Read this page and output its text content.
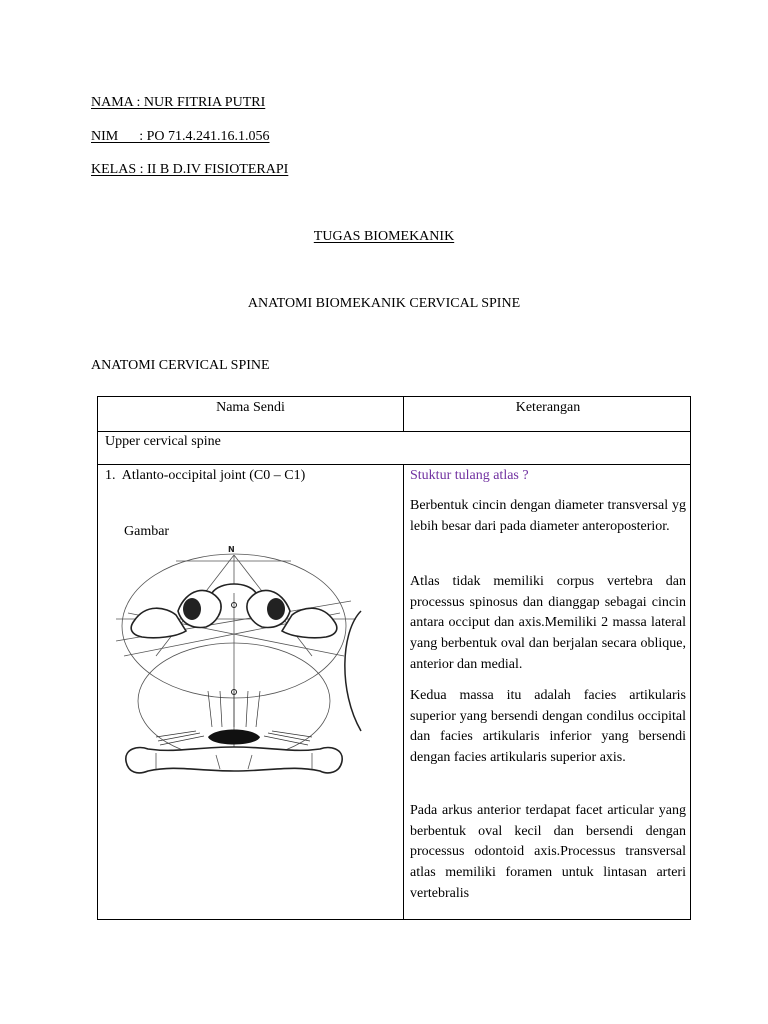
NAMA : NUR FITRIA PUTRI
NIM      : PO 71.4.241.16.1.056
KELAS : II B D.IV FISIOTERAPI
TUGAS BIOMEKANIK
ANATOMI BIOMEKANIK CERVICAL SPINE
ANATOMI CERVICAL SPINE
Nama Sendi	Keterangan
Upper cervical spine
1.  Atlanto-occipital joint (C0 – C1)
Gambar
N
Stuktur tulang atlas ?
Berbentuk cincin dengan diameter transversal yg lebih besar dari pada diameter anteroposterior.
Atlas tidak memiliki corpus vertebra dan processus spinosus dan dianggap sebagai cincin antara occiput dan axis.Memiliki 2 massa lateral yang berbentuk oval dan berjalan secara oblique, anterior dan medial.
Kedua massa itu adalah facies artikularis superior yang bersendi dengan condilus occipital dan facies artikularis inferior yang bersendi dengan facies artikularis superior axis.
Pada arkus anterior terdapat facet articular yang berbentuk oval kecil dan bersendi dengan processus odontoid axis.Processus transversal atlas memiliki foramen untuk lintasan arteri vertebralis
